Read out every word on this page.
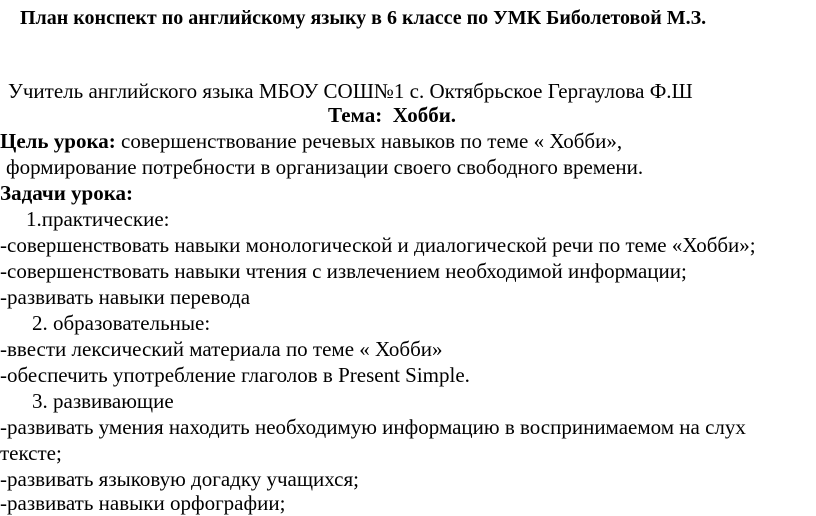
План конспект по английскому языку в 6 классе по УМК Биболетовой М.З.
Учитель английского языка МБОУ СОШ№1 с. Октябрьское Гергаулова Ф.Ш
Тема: Хобби.
Цель урока: совершенствование речевых навыков по теме « Хобби»,
формирование потребности в организации своего свободного времени.
Задачи урока:
1.практические:
-совершенствовать навыки монологической и диалогической речи по теме «Хобби»;
-совершенствовать навыки чтения с извлечением необходимой информации;
-развивать навыки перевода
2. образовательные:
-ввести лексический материала по теме « Хобби»
-обеспечить употребление глаголов в Present Simple.
3. развивающие
-развивать умения находить необходимую информацию в воспринимаемом на слух
тексте;
-развивать языковую догадку учащихся;
-развивать навыки орфографии;
